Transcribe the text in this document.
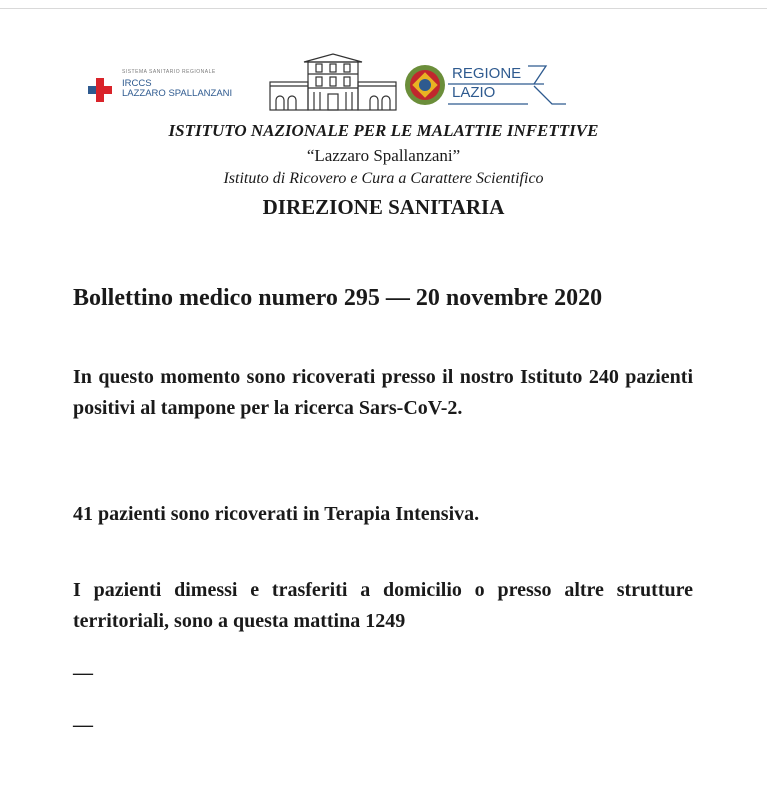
SISTEMA SANITARIO REGIONALE
IRCCS
LAZZARO SPALLANZANI
REGIONE
LAZIO
ISTITUTO NAZIONALE PER LE MALATTIE INFETTIVE
“Lazzaro Spallanzani”
Istituto di Ricovero e Cura a Carattere Scientifico
DIREZIONE SANITARIA
Bollettino medico numero 295 — 20 novembre 2020
In questo momento sono ricoverati presso il nostro Istituto 240 pazienti positivi al tampone per la ricerca Sars-CoV-2.
41 pazienti sono ricoverati in Terapia Intensiva.
I pazienti dimessi e trasferiti a domicilio o presso altre strutture territoriali, sono a questa mattina 1249
—
—
